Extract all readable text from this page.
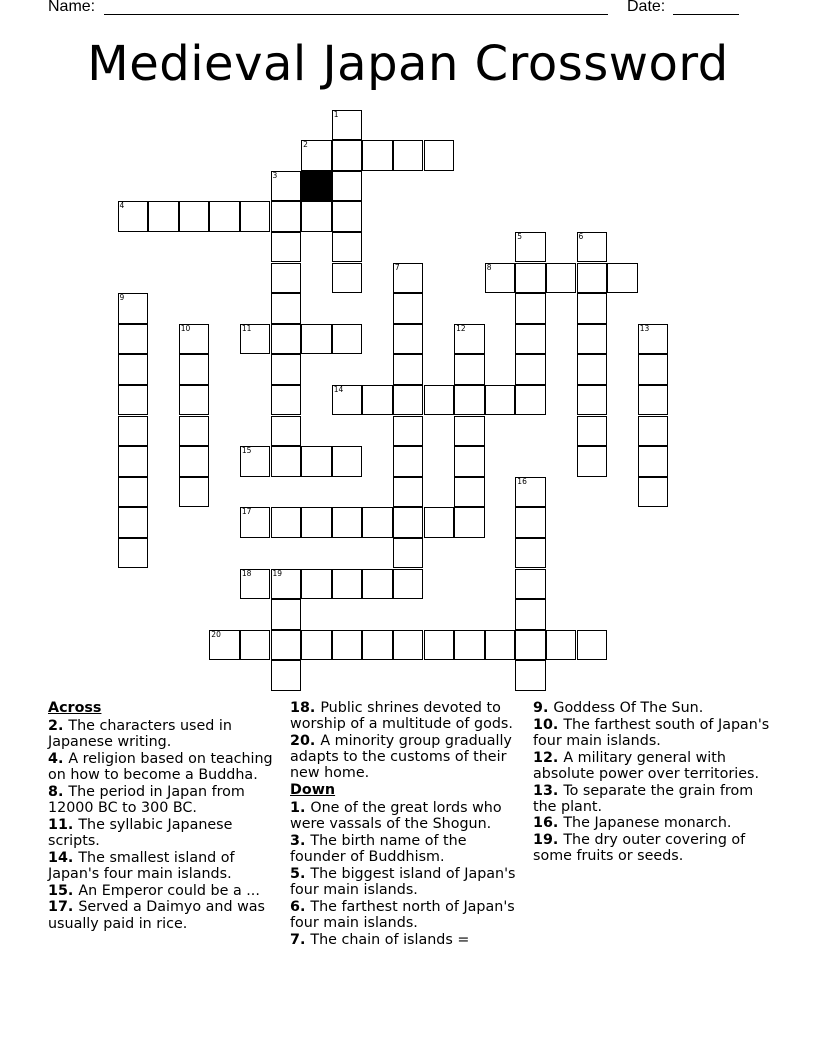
Name:	Date:
Medieval Japan Crossword
2
4
8
11
14
15
17
18	19
20
1
3
5	6
7
9
10	12	13
16
Across
2. The characters used in Japanese writing.
4. A religion based on teaching on how to become a Buddha.
8. The period in Japan from 12000 BC to 300 BC.
11. The syllabic Japanese scripts.
14. The smallest island of Japan's four main islands.
15. An Emperor could be a ...
17. Served a Daimyo and was usually paid in rice.
18. Public shrines devoted to worship of a multitude of gods.
20. A minority group gradually adapts to the customs of their new home.
Down
1. One of the great lords who were vassals of the Shogun.
3. The birth name of the founder of Buddhism.
5. The biggest island of Japan's four main islands.
6. The farthest north of Japan's four main islands.
7. The chain of islands =
9. Goddess Of The Sun.
10. The farthest south of Japan's four main islands.
12. A military general with absolute power over territories.
13. To separate the grain from the plant.
16. The Japanese monarch.
19. The dry outer covering of some fruits or seeds.
